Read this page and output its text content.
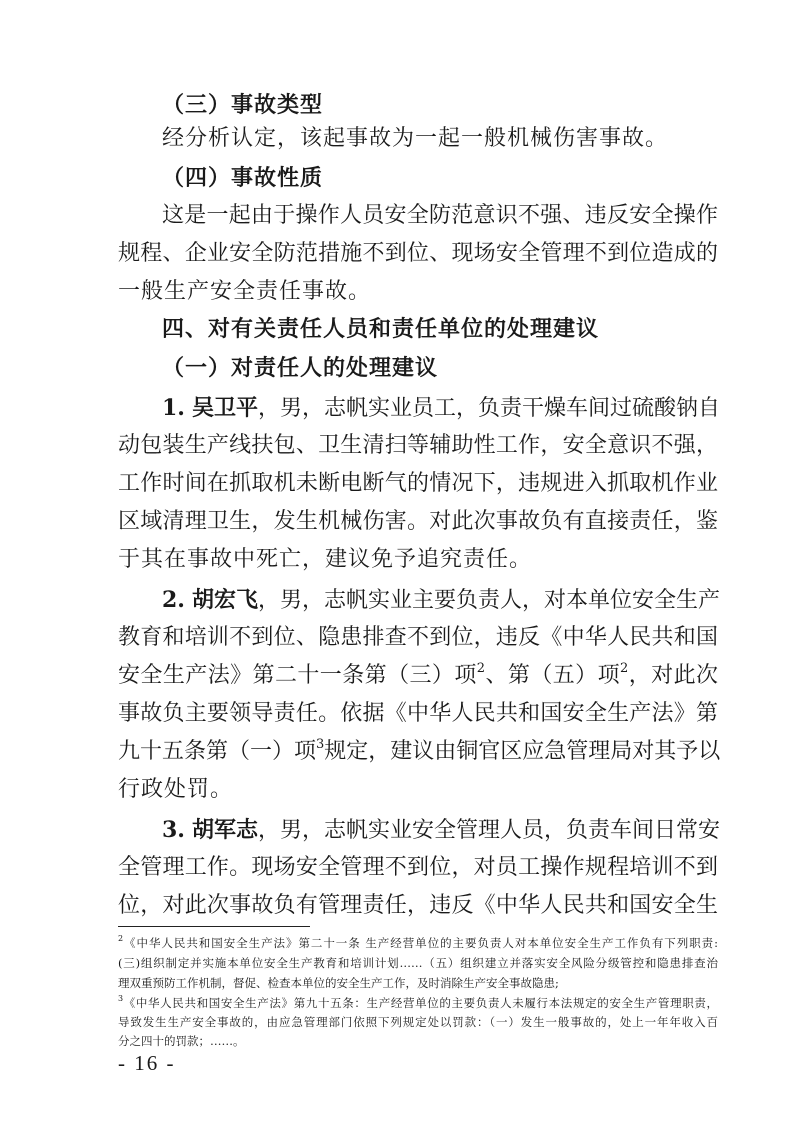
（三）事故类型
经分析认定，该起事故为一起一般机械伤害事故。
（四）事故性质
这是一起由于操作人员安全防范意识不强、违反安全操作
规程、企业安全防范措施不到位、现场安全管理不到位造成的
一般生产安全责任事故。
四、对有关责任人员和责任单位的处理建议
（一）对责任人的处理建议
1. 吴卫平，男，志帆实业员工，负责干燥车间过硫酸钠自
动包装生产线扶包、卫生清扫等辅助性工作，安全意识不强，
工作时间在抓取机未断电断气的情况下，违规进入抓取机作业
区域清理卫生，发生机械伤害。对此次事故负有直接责任，鉴
于其在事故中死亡，建议免予追究责任。
2. 胡宏飞，男，志帆实业主要负责人，对本单位安全生产
教育和培训不到位、隐患排查不到位，违反《中华人民共和国
安全生产法》第二十一条第（三）项$^2$、第（五）项$^2$，对此次
事故负主要领导责任。依据《中华人民共和国安全生产法》第
九十五条第（一）项$^3$规定，建议由铜官区应急管理局对其予以
行政处罚。
3. 胡军志，男，志帆实业安全管理人员，负责车间日常安
全管理工作。现场安全管理不到位，对员工操作规程培训不到
位，对此次事故负有管理责任，违反《中华人民共和国安全生
$^2$《中华人民共和国安全生产法》第二十一条 生产经营单位的主要负责人对本单位安全生产工作负有下列职责:
(三)组织制定并实施本单位安全生产教育和培训计划……（五）组织建立并落实安全风险分级管控和隐患排查治
理双重预防工作机制，督促、检查本单位的安全生产工作，及时消除生产安全事故隐患;
$^3$《中华人民共和国安全生产法》第九十五条：生产经营单位的主要负责人未履行本法规定的安全生产管理职责，
导致发生生产安全事故的，由应急管理部门依照下列规定处以罚款：（一）发生一般事故的，处上一年年收入百
分之四十的罚款；……。
- 16 -
